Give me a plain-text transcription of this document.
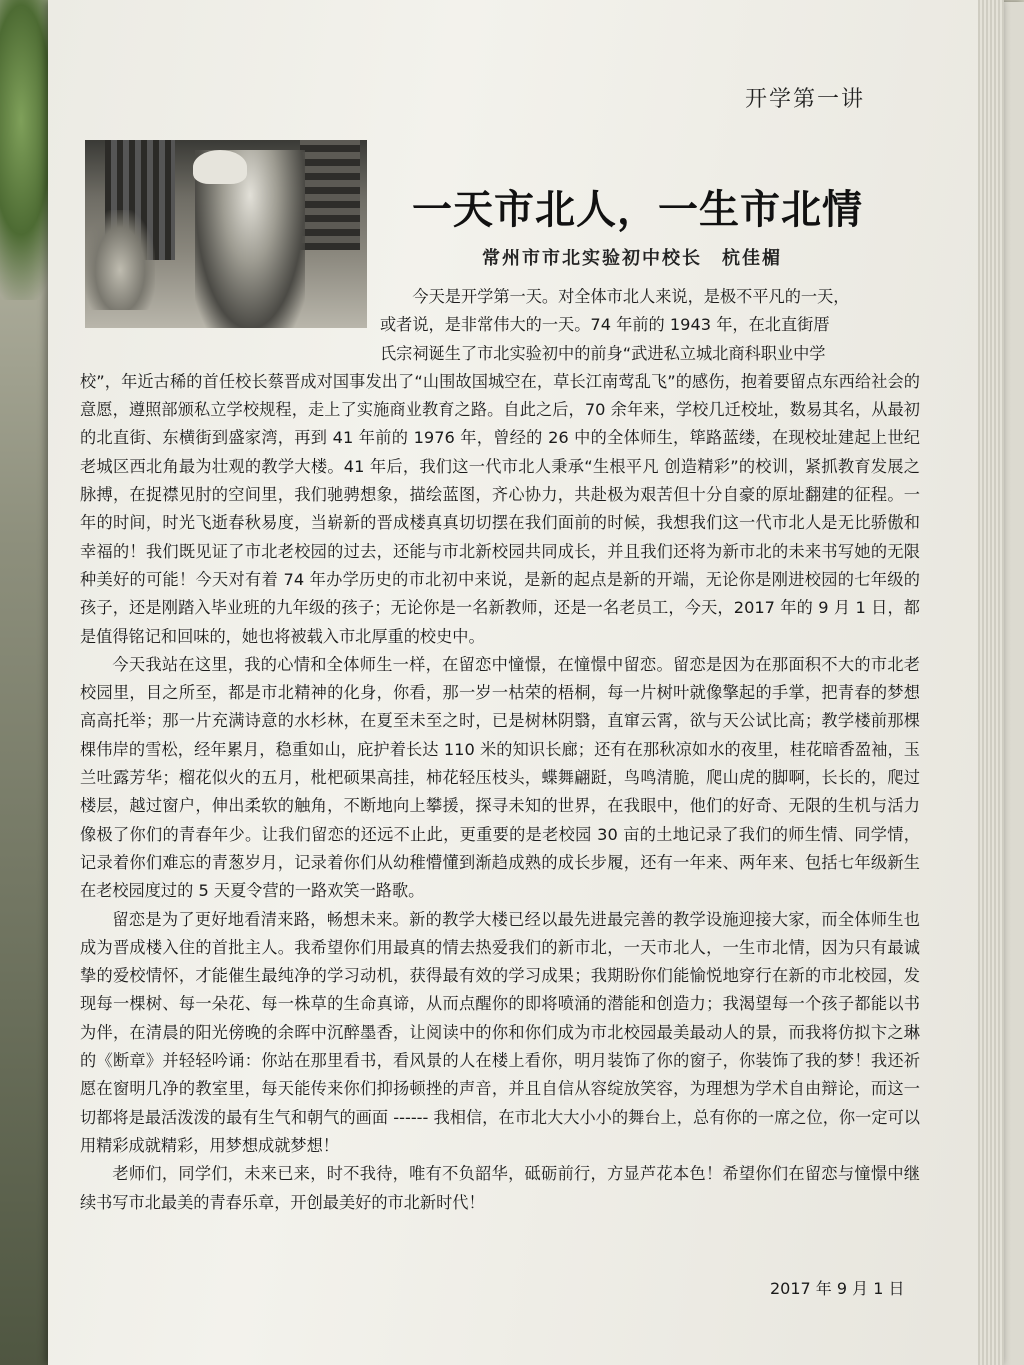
开学第一讲
一天市北人，一生市北情
常州市市北实验初中校长　杭佳楣

今天是开学第一天。对全体市北人来说，是极不平凡的一天，

或者说，是非常伟大的一天。74 年前的 1943 年，在北直街厝

氏宗祠诞生了市北实验初中的前身“武进私立城北商科职业中学

校”，年近古稀的首任校长蔡晋成对国事发出了“山围故国城空在，草长江南莺乱飞”的感伤，抱着要留点东西给社会的意愿，遵照部颁私立学校规程，走上了实施商业教育之路。自此之后，70 余年来，学校几迁校址，数易其名，从最初的北直街、东横街到盛家湾，再到 41 年前的 1976 年，曾经的 26 中的全体师生，筚路蓝缕，在现校址建起上世纪老城区西北角最为壮观的教学大楼。41 年后，我们这一代市北人秉承“生根平凡 创造精彩”的校训，紧抓教育发展之脉搏，在捉襟见肘的空间里，我们驰骋想象，描绘蓝图，齐心协力，共赴极为艰苦但十分自豪的原址翻建的征程。一年的时间，时光飞逝春秋易度，当崭新的晋成楼真真切切摆在我们面前的时候，我想我们这一代市北人是无比骄傲和幸福的！我们既见证了市北老校园的过去，还能与市北新校园共同成长，并且我们还将为新市北的未来书写她的无限种美好的可能！今天对有着 74 年办学历史的市北初中来说，是新的起点是新的开端，无论你是刚进校园的七年级的孩子，还是刚踏入毕业班的九年级的孩子；无论你是一名新教师，还是一名老员工，今天，2017 年的 9 月 1 日，都是值得铭记和回味的，她也将被载入市北厚重的校史中。

今天我站在这里，我的心情和全体师生一样，在留恋中憧憬，在憧憬中留恋。留恋是因为在那面积不大的市北老校园里，目之所至，都是市北精神的化身，你看，那一岁一枯荣的梧桐，每一片树叶就像擎起的手掌，把青春的梦想高高托举；那一片充满诗意的水杉林，在夏至未至之时，已是树林阴翳，直窜云霄，欲与天公试比高；教学楼前那棵棵伟岸的雪松，经年累月，稳重如山，庇护着长达 110 米的知识长廊；还有在那秋凉如水的夜里，桂花暗香盈袖，玉兰吐露芳华；榴花似火的五月，枇杷硕果高挂，柿花轻压枝头，蝶舞翩跹，鸟鸣清脆，爬山虎的脚啊，长长的，爬过楼层，越过窗户，伸出柔软的触角，不断地向上攀援，探寻未知的世界，在我眼中，他们的好奇、无限的生机与活力像极了你们的青春年少。让我们留恋的还远不止此，更重要的是老校园 30 亩的土地记录了我们的师生情、同学情，记录着你们难忘的青葱岁月，记录着你们从幼稚懵懂到渐趋成熟的成长步履，还有一年来、两年来、包括七年级新生在老校园度过的 5 天夏令营的一路欢笑一路歌。

留恋是为了更好地看清来路，畅想未来。新的教学大楼已经以最先进最完善的教学设施迎接大家，而全体师生也成为晋成楼入住的首批主人。我希望你们用最真的情去热爱我们的新市北，一天市北人，一生市北情，因为只有最诚挚的爱校情怀，才能催生最纯净的学习动机，获得最有效的学习成果；我期盼你们能愉悦地穿行在新的市北校园，发现每一棵树、每一朵花、每一株草的生命真谛，从而点醒你的即将喷涌的潜能和创造力；我渴望每一个孩子都能以书为伴，在清晨的阳光傍晚的余晖中沉醉墨香，让阅读中的你和你们成为市北校园最美最动人的景，而我将仿拟卞之琳的《断章》并轻轻吟诵：你站在那里看书，看风景的人在楼上看你，明月装饰了你的窗子，你装饰了我的梦！我还祈愿在窗明几净的教室里，每天能传来你们抑扬顿挫的声音，并且自信从容绽放笑容，为理想为学术自由辩论，而这一切都将是最活泼泼的最有生气和朝气的画面 ------ 我相信，在市北大大小小的舞台上，总有你的一席之位，你一定可以用精彩成就精彩，用梦想成就梦想！

老师们，同学们，未来已来，时不我待，唯有不负韶华，砥砺前行，方显芦花本色！希望你们在留恋与憧憬中继续书写市北最美的青春乐章，开创最美好的市北新时代！

2017 年 9 月 1 日
